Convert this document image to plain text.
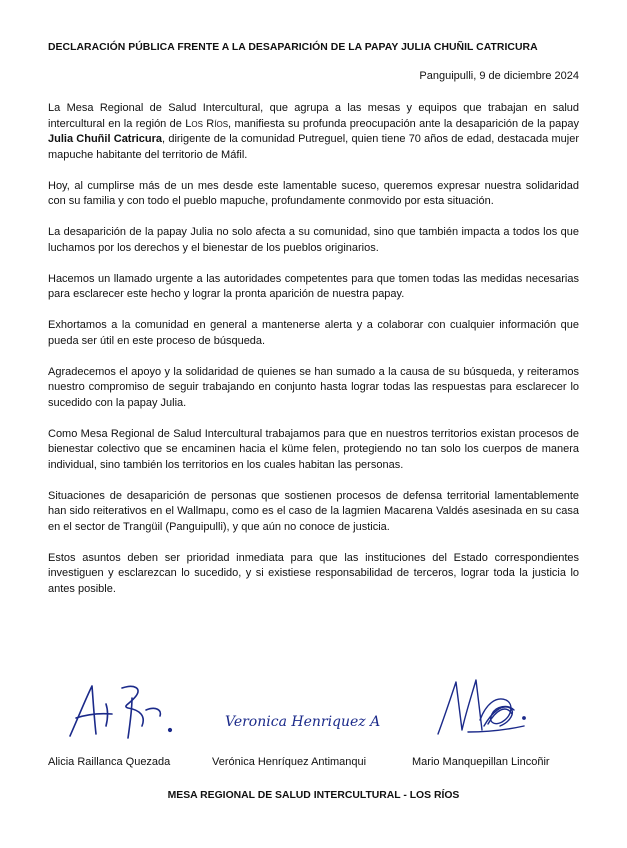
DECLARACIÓN PÚBLICA FRENTE A LA DESAPARICIÓN DE LA PAPAY JULIA CHUÑIL CATRICURA
Panguipulli, 9 de diciembre 2024

La Mesa Regional de Salud Intercultural, que agrupa a las mesas y equipos que trabajan en salud intercultural en la región de Los Ríos, manifiesta su profunda preocupación ante la desaparición de la papay Julia Chuñil Catricura, dirigente de la comunidad Putreguel, quien tiene 70 años de edad, destacada mujer mapuche habitante del territorio de Máfil.

Hoy, al cumplirse más de un mes desde este lamentable suceso, queremos expresar nuestra solidaridad con su familia y con todo el pueblo mapuche, profundamente conmovido por esta situación.

La desaparición de la papay Julia no solo afecta a su comunidad, sino que también impacta a todos los que luchamos por los derechos y el bienestar de los pueblos originarios.

Hacemos un llamado urgente a las autoridades competentes para que tomen todas las medidas necesarias para esclarecer este hecho y lograr la pronta aparición de nuestra papay.

Exhortamos a la comunidad en general a mantenerse alerta y a colaborar con cualquier información que pueda ser útil en este proceso de búsqueda.

Agradecemos el apoyo y la solidaridad de quienes se han sumado a la causa de su búsqueda, y reiteramos nuestro compromiso de seguir trabajando en conjunto hasta lograr todas las respuestas para esclarecer lo sucedido con la papay Julia.

Como Mesa Regional de Salud Intercultural trabajamos para que en nuestros territorios existan procesos de bienestar colectivo que se encaminen hacia el küme felen, protegiendo no tan solo los cuerpos de manera individual, sino también los territorios en los cuales habitan las personas.

Situaciones de desaparición de personas que sostienen procesos de defensa territorial lamentablemente han sido reiterativos en el Wallmapu, como es el caso de la lagmien Macarena Valdés asesinada en su casa en el sector de Trangüil (Panguipulli), y que aún no conoce de justicia.

Estos asuntos deben ser prioridad inmediata para que las instituciones del Estado correspondientes investiguen y esclarezcan lo sucedido, y si existiese responsabilidad de terceros, lograr toda la justicia lo antes posible.

Veronica Henriquez A
Alicia Raillanca Quezada	Verónica Henríquez Antimanqui	Mario Manquepillan Lincoñir
MESA REGIONAL DE SALUD INTERCULTURAL - LOS RÍOS
